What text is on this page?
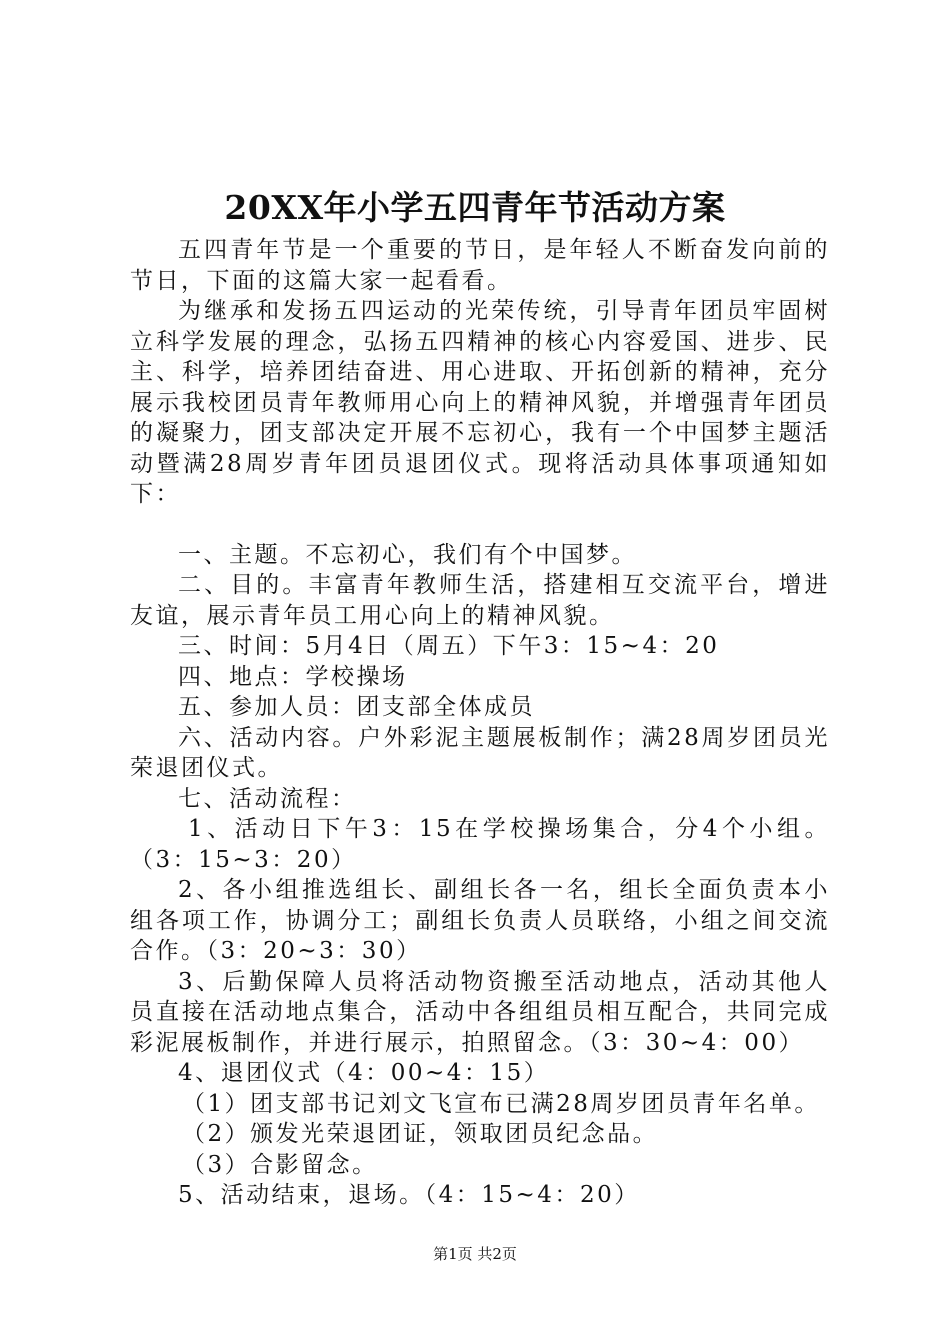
20XX年小学五四青年节活动方案

五四青年节是一个重要的节日，是年轻人不断奋发向前的节日，下面的这篇大家一起看看。

为继承和发扬五四运动的光荣传统，引导青年团员牢固树立科学发展的理念，弘扬五四精神的核心内容爱国、进步、民主、科学，培养团结奋进、用心进取、开拓创新的精神，充分展示我校团员青年教师用心向上的精神风貌，并增强青年团员的凝聚力，团支部决定开展不忘初心，我有一个中国梦主题活动暨满28周岁青年团员退团仪式。现将活动具体事项通知如下：

一、主题。不忘初心，我们有个中国梦。

二、目的。丰富青年教师生活，搭建相互交流平台，增进友谊，展示青年员工用心向上的精神风貌。

三、时间：5月4日（周五）下午3：15~4：20

四、地点：学校操场

五、参加人员：团支部全体成员

六、活动内容。户外彩泥主题展板制作；满28周岁团员光荣退团仪式。

七、活动流程：

1、活动日下午3：15在学校操场集合，分4个小组。（3：15~3：20）

2、各小组推选组长、副组长各一名，组长全面负责本小组各项工作，协调分工；副组长负责人员联络，小组之间交流合作。（3：20~3：30）

3、后勤保障人员将活动物资搬至活动地点，活动其他人员直接在活动地点集合，活动中各组组员相互配合，共同完成彩泥展板制作，并进行展示，拍照留念。（3：30~4：00）

4、退团仪式（4：00~4：15）

（1）团支部书记刘文飞宣布已满28周岁团员青年名单。

（2）颁发光荣退团证，领取团员纪念品。

（3）合影留念。

5、活动结束，退场。（4：15~4：20）

第1页 共2页
